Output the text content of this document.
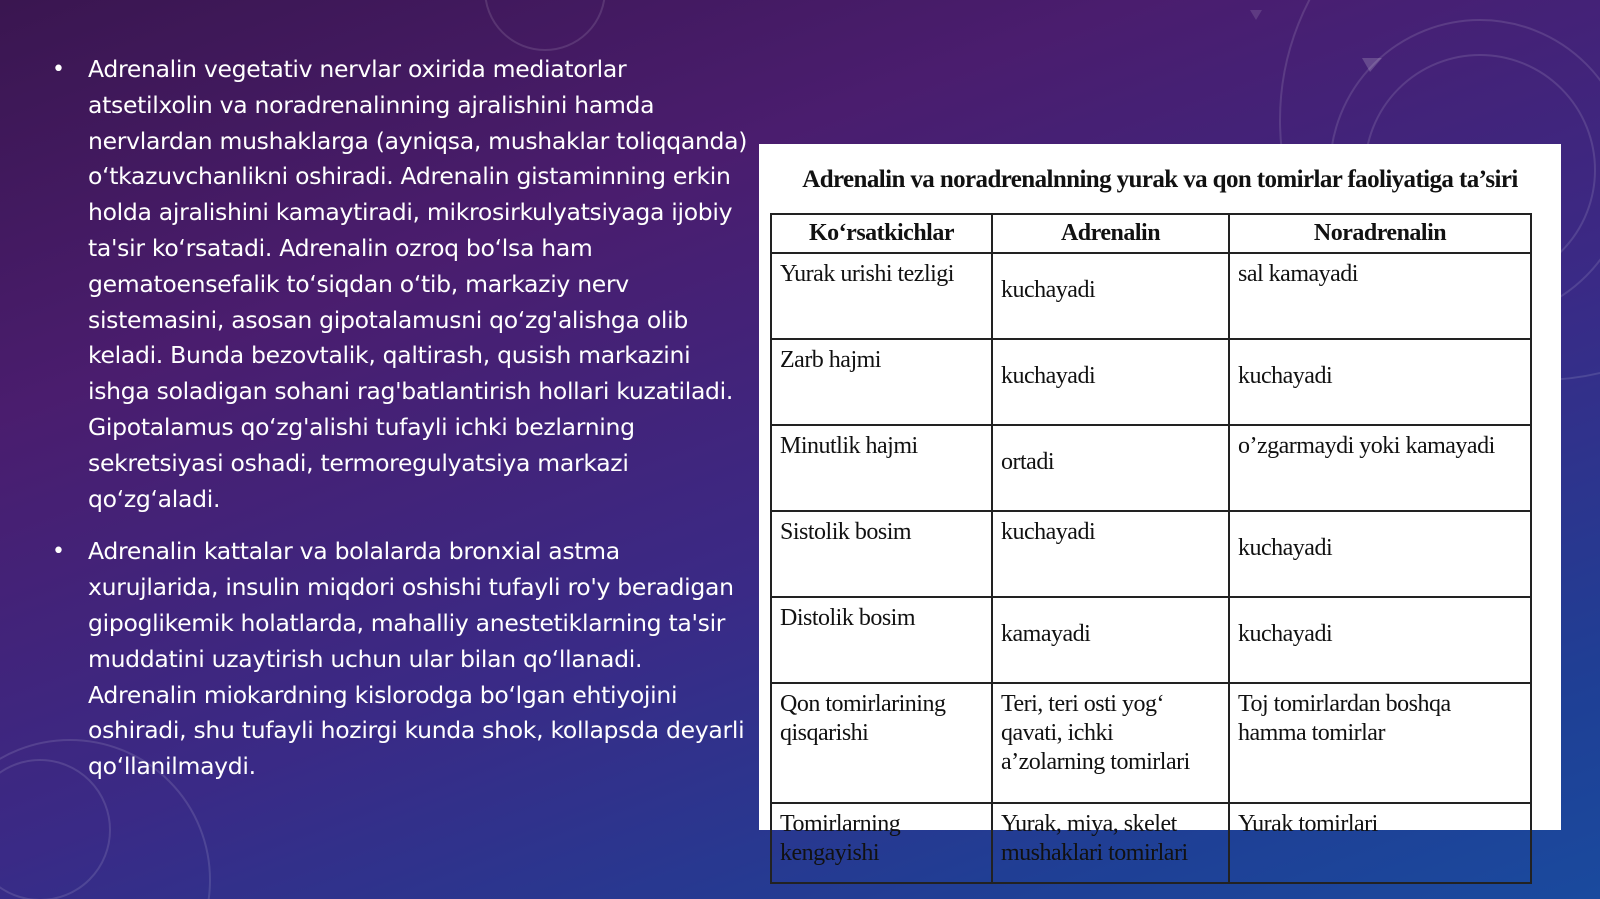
• Adrenalin vegetativ nervlar oxirida mediatorlar atsetilxolin va noradrenalinning ajralishini hamda nervlardan mushaklarga (ayniqsa, mushaklar toliqqanda) o‘tkazuvchanlikni oshiradi. Adrenalin gistaminning erkin holda ajralishini kamaytiradi, mikrosirkulyatsiyaga ijobiy ta'sir ko‘rsatadi. Adrenalin ozroq bo‘lsa ham gematoensefalik to‘siqdan o‘tib, markaziy nerv sistemasini, asosan gipotalamusni qo‘zg'alishga olib keladi. Bunda bezovtalik, qaltirash, qusish markazini ishga soladigan sohani rag'batlantirish hollari kuzatiladi. Gipotalamus qo‘zg'alishi tufayli ichki bezlarning sekretsiyasi oshadi, termoregulyatsiya markazi qo‘zg‘aladi.
• Adrenalin kattalar va bolalarda bronxial astma xurujlarida, insulin miqdori oshishi tufayli ro'y beradigan gipoglikemik holatlarda, mahalliy anestetiklarning ta'sir muddatini uzaytirish uchun ular bilan qo‘llanadi. Adrenalin miokardning kislorodga bo‘lgan ehtiyojini oshiradi, shu tufayli hozirgi kunda shok, kollapsda deyarli qo‘llanilmaydi.
Adrenalin va noradrenalnning yurak va qon tomirlar faoliyatiga ta’siri
Ko‘rsatkichlar	Adrenalin	Noradrenalin
Yurak urishi tezligi	kuchayadi	sal kamayadi
Zarb hajmi	kuchayadi	kuchayadi
Minutlik hajmi	ortadi	o’zgarmaydi yoki kamayadi
Sistolik bosim	kuchayadi	kuchayadi
Distolik bosim	kamayadi	kuchayadi
Qon tomirlarining qisqarishi	Teri, teri osti yog‘ qavati, ichki a’zolarning tomirlari	Toj tomirlardan boshqa hamma tomirlar
Tomirlarning kengayishi	Yurak, miya, skelet mushaklari tomirlari	Yurak tomirlari
